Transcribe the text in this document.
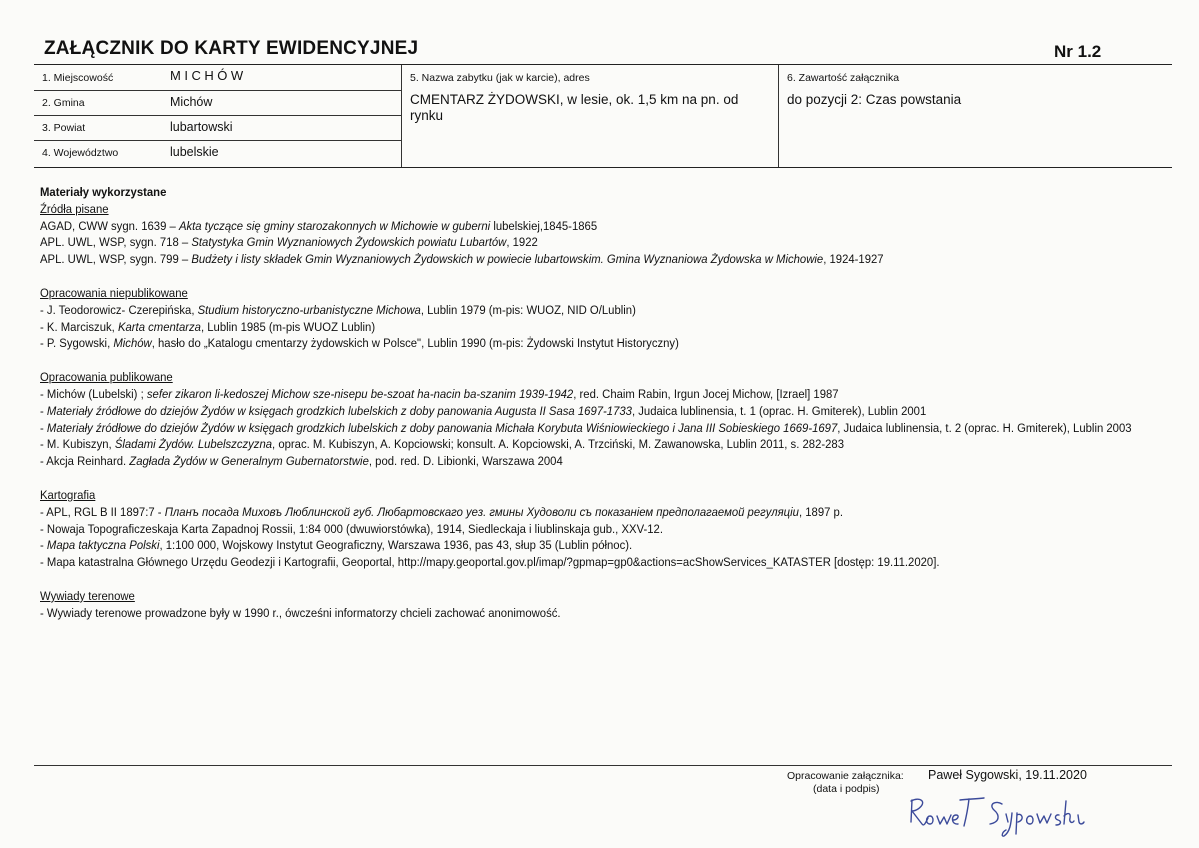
ZAŁĄCZNIK DO KARTY EWIDENCYJNEJ	Nr 1.2
1. Miejscowość	MICHÓW
2. Gmina	Michów
3. Powiat	lubartowski
4. Województwo	lubelskie
5. Nazwa zabytku (jak w karcie), adres
CMENTARZ ŻYDOWSKI, w lesie, ok. 1,5 km na pn. od rynku
6. Zawartość załącznika
do pozycji 2: Czas powstania
Materiały wykorzystane
Źródła pisane
AGAD, CWW sygn. 1639 – Akta tyczące się gminy starozakonnych w Michowie w guberni lubelskiej,1845-1865
APL. UWL, WSP, sygn. 718 – Statystyka Gmin Wyznaniowych Żydowskich powiatu Lubartów, 1922
APL. UWL, WSP, sygn. 799 – Budżety i listy składek Gmin Wyznaniowych Żydowskich w powiecie lubartowskim. Gmina Wyznaniowa Żydowska w Michowie, 1924-1927
Opracowania niepublikowane
- J. Teodorowicz- Czerepińska, Studium historyczno-urbanistyczne Michowa, Lublin 1979 (m-pis: WUOZ, NID O/Lublin)
- K. Marciszuk, Karta cmentarza, Lublin 1985 (m-pis WUOZ Lublin)
- P. Sygowski, Michów, hasło do „Katalogu cmentarzy żydowskich w Polsce", Lublin 1990 (m-pis: Żydowski Instytut Historyczny)
Opracowania publikowane
- Michów (Lubelski) ; sefer zikaron li-kedoszej Michow sze-nisepu be-szoat ha-nacin ba-szanim 1939-1942, red. Chaim Rabin, Irgun Jocej Michow, [Izrael] 1987
- Materiały źródłowe do dziejów Żydów w księgach grodzkich lubelskich z doby panowania Augusta II Sasa 1697-1733, Judaica lublinensia, t. 1 (oprac. H. Gmiterek), Lublin 2001
- Materiały źródłowe do dziejów Żydów w księgach grodzkich lubelskich z doby panowania Michała Korybuta Wiśniowieckiego i Jana III Sobieskiego 1669-1697, Judaica lublinensia, t. 2 (oprac. H. Gmiterek), Lublin 2003
- M. Kubiszyn, Śladami Żydów. Lubelszczyzna, oprac. M. Kubiszyn, A. Kopciowski; konsult. A. Kopciowski, A. Trzciński, M. Zawanowska, Lublin 2011, s. 282-283
- Akcja Reinhard. Zagłada Żydów w Generalnym Gubernatorstwie, pod. red. D. Libionki, Warszawa 2004
Kartografia
- APL, RGL B II 1897:7 - Планъ посада Миховъ Люблинской губ. Любартовскаго уез. гмины Худоволи съ показанiем предполагаемой регуляцiи, 1897 р.
- Nowaja Topograficzeskaja Karta Zapadnoj Rossii, 1:84 000 (dwuwiorstówka), 1914, Siedleckaja i liublinskaja gub., XXV-12.
- Mapa taktyczna Polski, 1:100 000, Wojskowy Instytut Geograficzny, Warszawa 1936, pas 43, słup 35 (Lublin północ).
- Mapa katastralna Głównego Urzędu Geodezji i Kartografii, Geoportal, http://mapy.geoportal.gov.pl/imap/?gpmap=gp0&actions=acShowServices_KATASTER [dostęp: 19.11.2020].
Wywiady terenowe
- Wywiady terenowe prowadzone były w 1990 r., ówcześni informatorzy chcieli zachować anonimowość.
Opracowanie załącznika:
(data i podpis)
Paweł Sygowski, 19.11.2020
